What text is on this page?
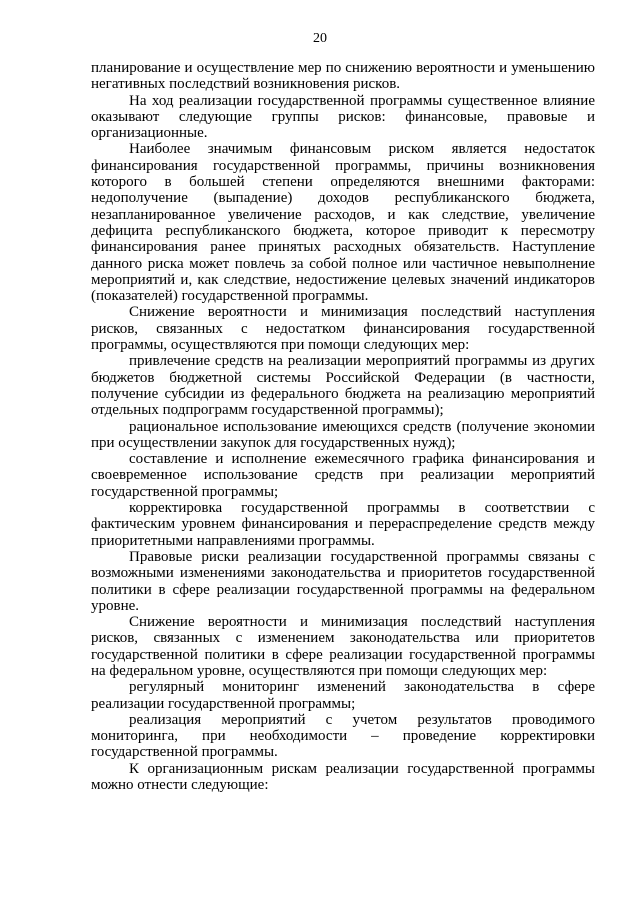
20

планирование и осуществление мер по снижению вероятности и уменьшению негативных последствий возникновения рисков.

На ход реализации государственной программы существенное влияние оказывают следующие группы рисков: финансовые, правовые и организационные.

Наиболее значимым финансовым риском является недостаток финансирования государственной программы, причины возникновения которого в большей степени определяются внешними факторами: недополучение (выпадение) доходов республиканского бюджета, незапланированное увеличение расходов, и как следствие, увеличение дефицита республиканского бюджета, которое приводит к пересмотру финансирования ранее принятых расходных обязательств. Наступление данного риска может повлечь за собой полное или частичное невыполнение мероприятий и, как следствие, недостижение целевых значений индикаторов (показателей) государственной программы.

Снижение вероятности и минимизация последствий наступления рисков, связанных с недостатком финансирования государственной программы, осуществляются при помощи следующих мер:

привлечение средств на реализации мероприятий программы из других бюджетов бюджетной системы Российской Федерации (в частности, получение субсидии из федерального бюджета на реализацию мероприятий отдельных подпрограмм государственной программы);

рациональное использование имеющихся средств (получение экономии при осуществлении закупок для государственных нужд);

составление и исполнение ежемесячного графика финансирования и своевременное использование средств при реализации мероприятий государственной программы;

корректировка государственной программы в соответствии с фактическим уровнем финансирования и перераспределение средств между приоритетными направлениями программы.

Правовые риски реализации государственной программы связаны с возможными изменениями законодательства и приоритетов государственной политики в сфере реализации государственной программы на федеральном уровне.

Снижение вероятности и минимизация последствий наступления рисков, связанных с изменением законодательства или приоритетов государственной политики в сфере реализации государственной программы на федеральном уровне, осуществляются при помощи следующих мер:

регулярный мониторинг изменений законодательства в сфере реализации государственной программы;

реализация мероприятий с учетом результатов проводимого мониторинга, при необходимости – проведение корректировки государственной программы.

К организационным рискам реализации государственной программы можно отнести следующие:
